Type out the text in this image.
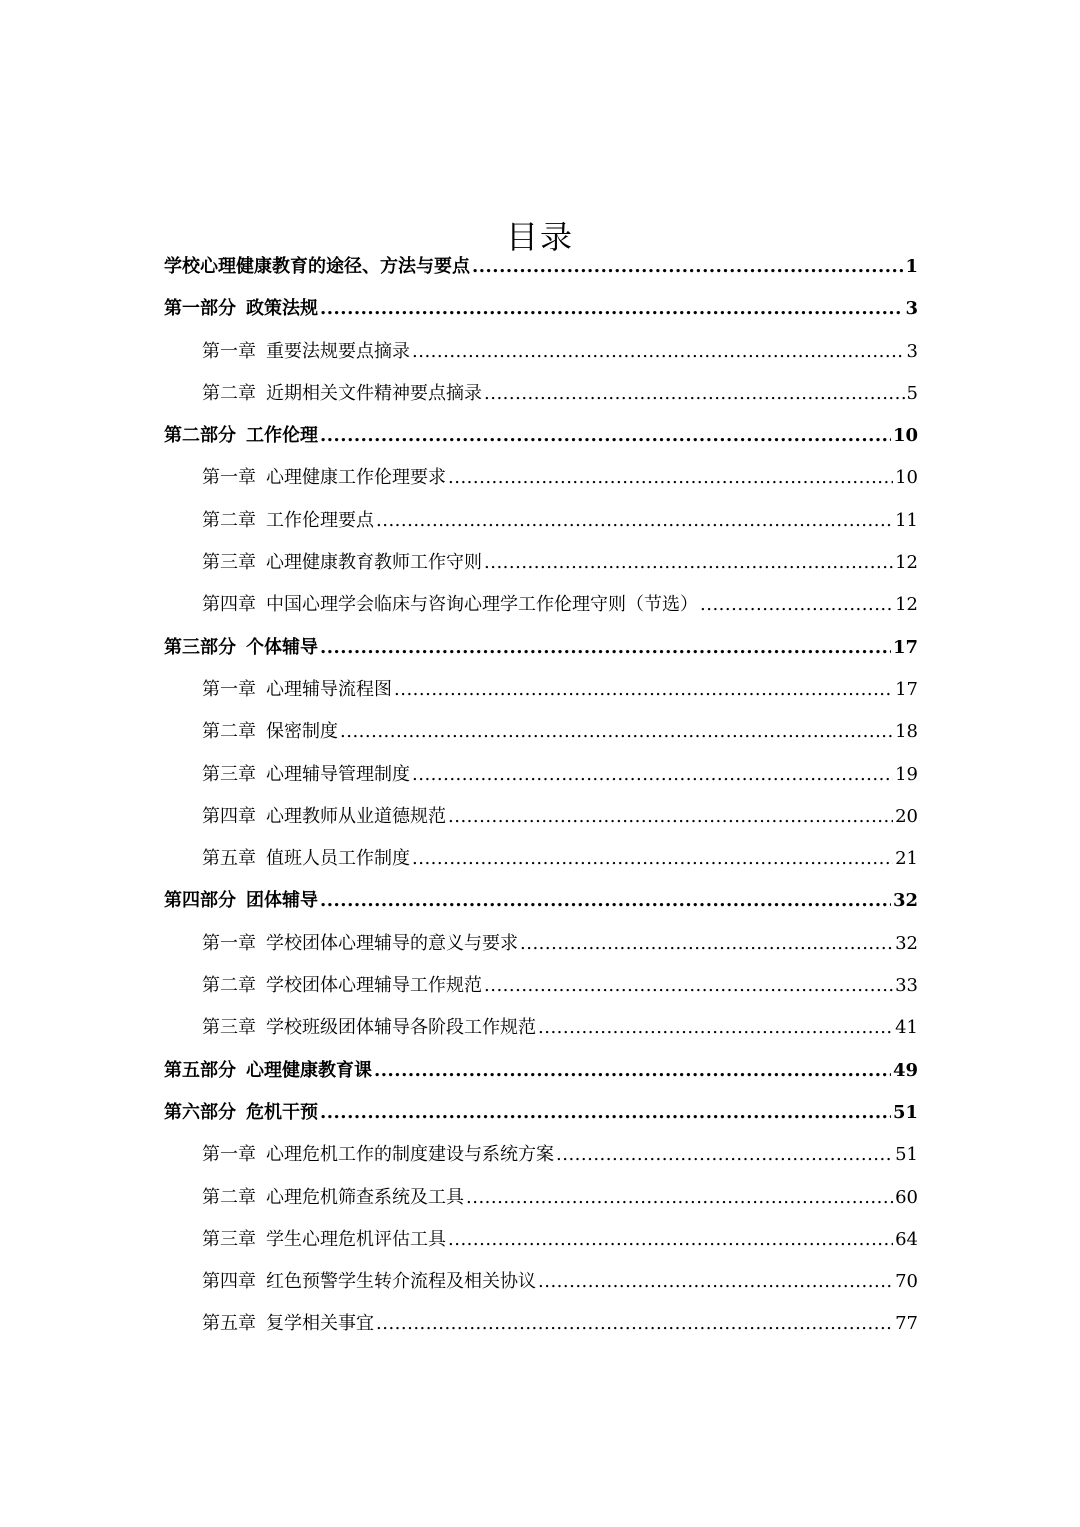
目录
学校心理健康教育的途径、方法与要点 .....	1
第一部分 政策法规 .....	3
第一章 重要法规要点摘录 .....	3
第二章 近期相关文件精神要点摘录 .....	5
第二部分 工作伦理 .....	10
第一章 心理健康工作伦理要求 .....	10
第二章 工作伦理要点 .....	11
第三章 心理健康教育教师工作守则 .....	12
第四章 中国心理学会临床与咨询心理学工作伦理守则（节选） .....	12
第三部分 个体辅导 .....	17
第一章 心理辅导流程图 .....	17
第二章 保密制度 .....	18
第三章 心理辅导管理制度 .....	19
第四章 心理教师从业道德规范 .....	20
第五章 值班人员工作制度 .....	21
第四部分 团体辅导 .....	32
第一章 学校团体心理辅导的意义与要求 .....	32
第二章 学校团体心理辅导工作规范 .....	33
第三章 学校班级团体辅导各阶段工作规范 .....	41
第五部分 心理健康教育课 .....	49
第六部分 危机干预 .....	51
第一章 心理危机工作的制度建设与系统方案 .....	51
第二章 心理危机筛查系统及工具 .....	60
第三章 学生心理危机评估工具 .....	64
第四章 红色预警学生转介流程及相关协议 .....	70
第五章 复学相关事宜 .....	77
